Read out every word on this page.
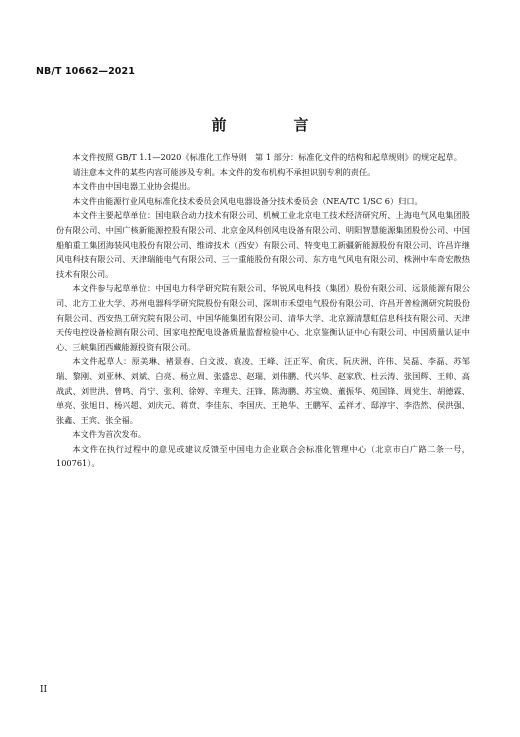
NB/T 10662—2021
前　言

本文件按照 GB/T 1.1—2020《标准化工作导则　第 1 部分：标准化文件的结构和起草规则》的规定起草。

请注意本文件的某些内容可能涉及专利。本文件的发布机构不承担识别专利的责任。

本文件由中国电器工业协会提出。

本文件由能源行业风电标准化技术委员会风电电器设备分技术委员会（NEA/TC 1/SC 6）归口。

本文件主要起草单位：国电联合动力技术有限公司、机械工业北京电工技术经济研究所、上海电气风电集团股份有限公司、中国广核新能源控股有限公司、北京金风科创风电设备有限公司、明阳智慧能源集团股份公司、中国船舶重工集团海装风电股份有限公司、维谛技术（西安）有限公司、特变电工新疆新能源股份有限公司、许昌许继风电科技有限公司、天津瑞能电气有限公司、三一重能股份有限公司、东方电气风电有限公司、株洲中车奇宏散热技术有限公司。

本文件参与起草单位：中国电力科学研究院有限公司、华锐风电科技（集团）股份有限公司、远景能源有限公司、北方工业大学、苏州电器科学研究院股份有限公司、深圳市禾望电气股份有限公司、许昌开普检测研究院股份有限公司、西安热工研究院有限公司、中国华能集团有限公司、清华大学、北京源清慧虹信息科技有限公司、天津天传电控设备检测有限公司、国家电控配电设备质量监督检验中心、北京鉴衡认证中心有限公司、中国质量认证中心、三峡集团西藏能源投资有限公司。

本文件起草人：原美琳、褚景春、白文波、袁凌、王峰、汪正军、俞庆、阮庆洲、许伟、吴磊、李磊、苏邹瑞、黎刚、刘亚林、刘斌、白亮、杨立周、张盛忠、赵瑞、刘伟鹏、代兴华、赵家欣、杜云涛、张国辉、王帅、高战武、刘世洪、曾鸣、肖宁、张利、徐婷、辛理夫、汪锋、陈海鹏、苏宝焕、董振华、苑国锋、周党生、胡德霖、单亮、张旭日、杨兴超、刘庆元、蒋贲、李佳东、李国庆、王艳华、王鹏军、孟祥才、邸淳宇、李浩然、侯洪强、张鑫、王宾、张全福。

本文件为首次发布。

本文件在执行过程中的意见或建议反馈至中国电力企业联合会标准化管理中心（北京市白广路二条一号，100761）。

II
